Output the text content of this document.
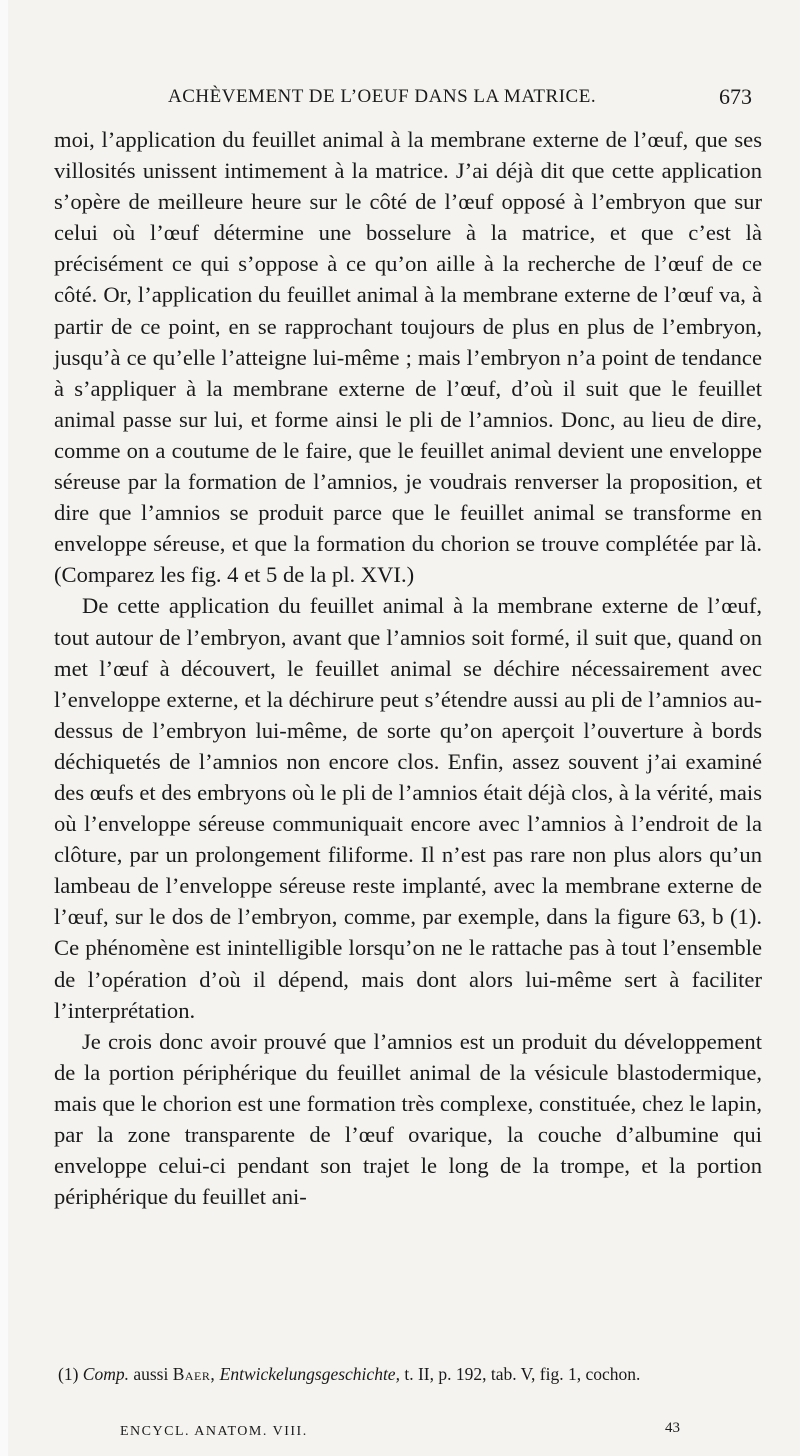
ACHÈVEMENT DE L’OEUF DANS LA MATRICE.	673

moi, l’application du feuillet animal à la membrane externe de l’œuf, que ses villosités unissent intimement à la matrice. J’ai déjà dit que cette application s’opère de meilleure heure sur le côté de l’œuf opposé à l’embryon que sur celui où l’œuf détermine une bosselure à la matrice, et que c’est là précisément ce qui s’oppose à ce qu’on aille à la recherche de l’œuf de ce côté. Or, l’application du feuillet animal à la membrane externe de l’œuf va, à partir de ce point, en se rapprochant toujours de plus en plus de l’embryon, jusqu’à ce qu’elle l’atteigne lui-même ; mais l’embryon n’a point de tendance à s’appliquer à la membrane externe de l’œuf, d’où il suit que le feuillet animal passe sur lui, et forme ainsi le pli de l’amnios. Donc, au lieu de dire, comme on a coutume de le faire, que le feuillet animal devient une enveloppe séreuse par la formation de l’amnios, je voudrais renverser la proposition, et dire que l’amnios se produit parce que le feuillet animal se transforme en enveloppe séreuse, et que la formation du chorion se trouve complétée par là. (Comparez les fig. 4 et 5 de la pl. XVI.)

De cette application du feuillet animal à la membrane externe de l’œuf, tout autour de l’embryon, avant que l’amnios soit formé, il suit que, quand on met l’œuf à découvert, le feuillet animal se déchire nécessairement avec l’enveloppe externe, et la déchirure peut s’étendre aussi au pli de l’amnios au-dessus de l’embryon lui-même, de sorte qu’on aperçoit l’ouverture à bords déchiquetés de l’amnios non encore clos. Enfin, assez souvent j’ai examiné des œufs et des embryons où le pli de l’amnios était déjà clos, à la vérité, mais où l’enveloppe séreuse communiquait encore avec l’amnios à l’endroit de la clôture, par un prolongement filiforme. Il n’est pas rare non plus alors qu’un lambeau de l’enveloppe séreuse reste implanté, avec la membrane externe de l’œuf, sur le dos de l’embryon, comme, par exemple, dans la figure 63, b (1). Ce phénomène est inintelligible lorsqu’on ne le rattache pas à tout l’ensemble de l’opération d’où il dépend, mais dont alors lui-même sert à faciliter l’interprétation.

Je crois donc avoir prouvé que l’amnios est un produit du développement de la portion périphérique du feuillet animal de la vésicule blastodermique, mais que le chorion est une formation très complexe, constituée, chez le lapin, par la zone transparente de l’œuf ovarique, la couche d’albumine qui enveloppe celui-ci pendant son trajet le long de la trompe, et la portion périphérique du feuillet ani-

(1) Comp. aussi Baer, Entwickelungsgeschichte, t. II, p. 192, tab. V, fig. 1, cochon.
ENCYCL. ANATOM. VIII.	43
